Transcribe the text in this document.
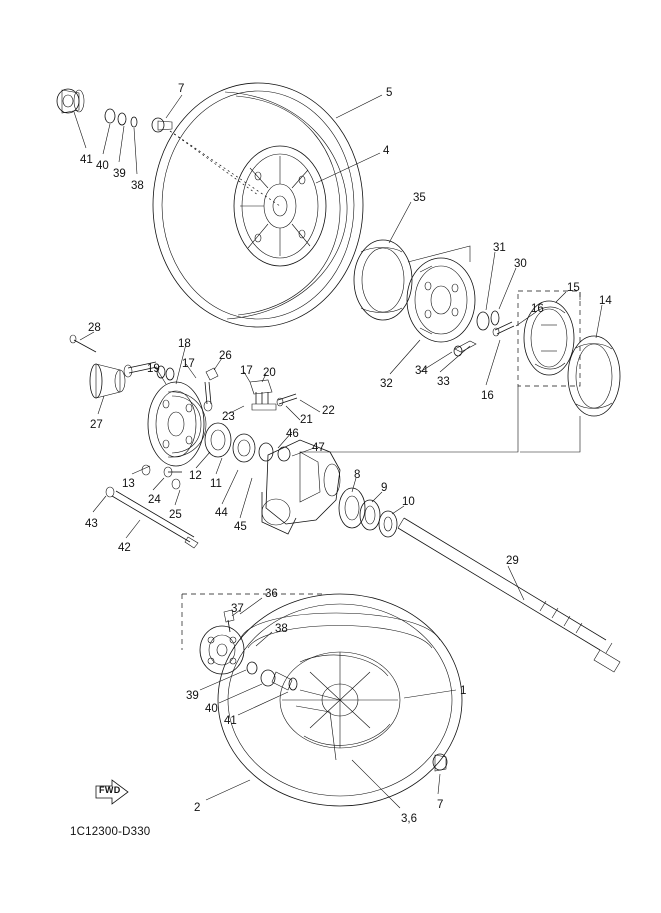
7	5
4
41 40
39
38
35
31
30
15
14
16
28
18
19 17
26
17 20
32
34
33
16
27
22
21
23
46
47
13
12
11
24
25	44
45
8
9
10
43
42
29
36
37
38
39
40
41
1
2
3,6
7
FWD
1C12300-D330
